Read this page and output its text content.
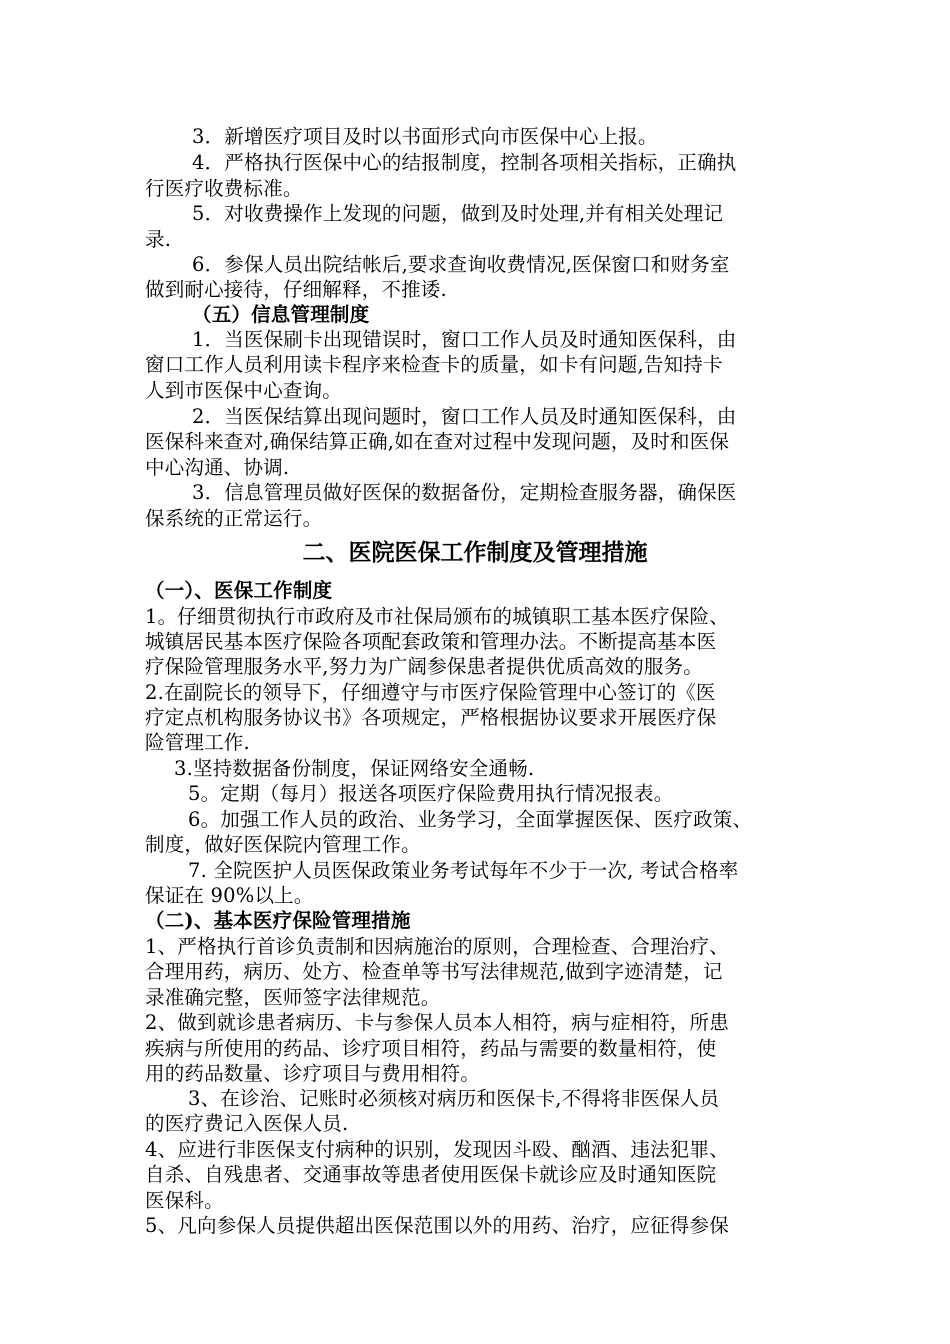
3．新增医疗项目及时以书面形式向市医保中心上报。
4．严格执行医保中心的结报制度，控制各项相关指标，正确执
行医疗收费标准。
5．对收费操作上发现的问题，做到及时处理,并有相关处理记
录.
6．参保人员出院结帐后,要求查询收费情况,医保窗口和财务室
做到耐心接待，仔细解释，不推诿.
（五）信息管理制度
1．当医保刷卡出现错误时，窗口工作人员及时通知医保科，由
窗口工作人员利用读卡程序来检查卡的质量，如卡有问题,告知持卡
人到市医保中心查询。
2．当医保结算出现问题时，窗口工作人员及时通知医保科，由
医保科来查对,确保结算正确,如在查对过程中发现问题，及时和医保
中心沟通、协调.
3．信息管理员做好医保的数据备份，定期检查服务器，确保医
保系统的正常运行。
二、医院医保工作制度及管理措施
（一）、医保工作制度
1。仔细贯彻执行市政府及市社保局颁布的城镇职工基本医疗保险、
城镇居民基本医疗保险各项配套政策和管理办法。不断提高基本医
疗保险管理服务水平,努力为广阔参保患者提供优质高效的服务。
2.在副院长的领导下，仔细遵守与市医疗保险管理中心签订的《医
疗定点机构服务协议书》各项规定，严格根据协议要求开展医疗保
险管理工作.
3.坚持数据备份制度，保证网络安全通畅.
5。定期（每月）报送各项医疗保险费用执行情况报表。
6。加强工作人员的政治、业务学习，全面掌握医保、医疗政策、
制度，做好医保院内管理工作。
7. 全院医护人员医保政策业务考试每年不少于一次, 考试合格率
保证在 90%以上。
（二)、基本医疗保险管理措施
1、严格执行首诊负责制和因病施治的原则，合理检查、合理治疗、
合理用药，病历、处方、检查单等书写法律规范,做到字迹清楚，记
录准确完整，医师签字法律规范。
2、做到就诊患者病历、卡与参保人员本人相符，病与症相符，所患
疾病与所使用的药品、诊疗项目相符，药品与需要的数量相符，使
用的药品数量、诊疗项目与费用相符。
3、在诊治、记账时必须核对病历和医保卡,不得将非医保人员
的医疗费记入医保人员.
4、应进行非医保支付病种的识别，发现因斗殴、酗酒、违法犯罪、
自杀、自残患者、交通事故等患者使用医保卡就诊应及时通知医院
医保科。
5、凡向参保人员提供超出医保范围以外的用药、治疗，应征得参保
